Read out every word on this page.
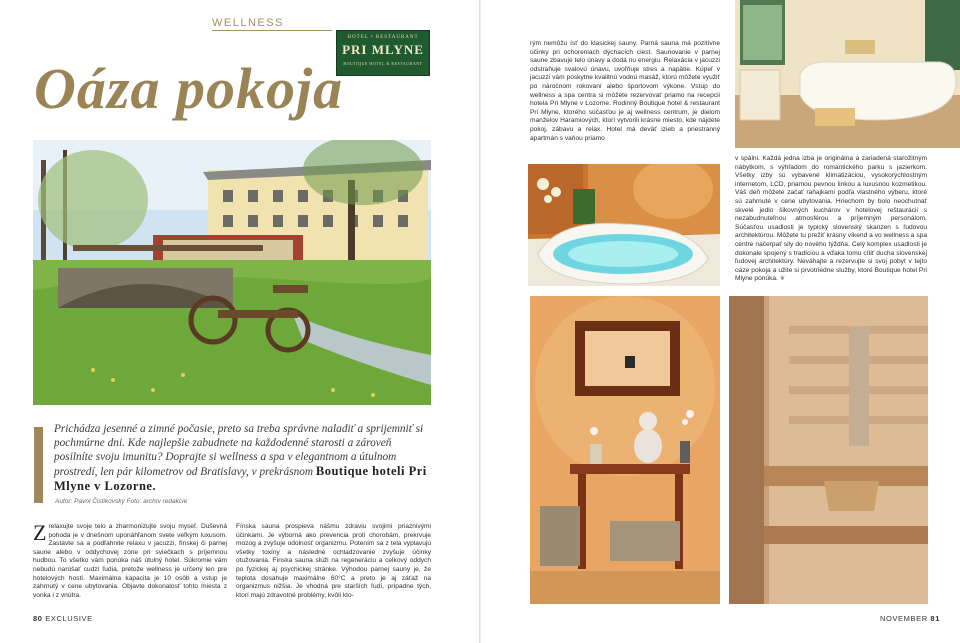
WELLNESS
HOTEL • RESTAURANT
PRI MLYNE
BOUTIQUE HOTEL & RESTAURANT
Oáza pokoja

Prichádza jesenné a zimné počasie, preto sa treba správne naladiť a sprijemniť si pochmúrne dni. Kde najlepšie zabudnete na každodenné starosti a zároveň posilníte svoju imunitu? Doprajte si wellness a spa v elegantnom a útulnom prostredí, len pár kilometrov od Bratislavy, v prekrásnom Boutique hoteli Pri Mlyne v Lozorne.

Autor: Pavol Čistikovský Foto: archív redakcie
Zrelaxujte svoje telo a zharmonizujte svoju myseľ. Duševná pohoda je v dnešnom uponáhľanom svete veľkým luxusom. Zastavte sa a podľahnite relaxu v jacuzzi, fínskej či parnej saune alebo v oddychovej zóne pri sviečkach s príjemnou hudbou. To všetko vám ponúka náš útulný hotel. Súkromie vám nebudú narúšať cudzí ľudia, pretože wellness je určený len pre hotelových hostí. Maximálna kapacita je 10 osôb a vstup je zahrnutý v cene ubytovania. Objavte dokonalosť tohto miesta z vonka i z vnútra.
Fínska sauna prospieva nášmu zdraviu svojimi priaznivými účinkami. Je výborná ako prevencia proti chorobám, prekrvuje mozog a zvyšuje odolnosť organizmu. Potením sa z tela vyplavujú všetky toxíny a následné ochladzovanie zvyšuje účinky otužovania. Fínska sauna slúži na regeneráciu a celkový oddych po fyzickej aj psychickej stránke. Výhodou parnej sauny je, že teplota dosahuje maximálne 60°C a preto je aj záťaž na organizmus nižšia. Je vhodná pre starších ľudí, prípadne tých, ktorí majú zdravotné problémy, kvôli kto-
rým nemôžu ísť do klasickej sauny. Parná sauna má pozitívne účinky pri ochoreniach dýchacích ciest. Saunovanie v parnej saune zbavuje telo únavy a dodá nu energiu. Relaxácia v jacuzzi odstraňuje svalovú únavu, uvoľňuje stres a napätie. Kúpeľ v jacuzzi vám poskytne kvalitnú vodnú masáž, ktorú môžete využiť po náročnom rokovaní alebo športovom výkone. Vstup do wellness a spa centra si môžete rezervovať priamo na recepcii hotela Pri Mlyne v Lozorne. Rodinný Boutique hotel & restaurant Pri Mlyne, ktorého súčasťou je aj wellness centrum, je dielom manželov Haramiových, ktorí vytvorili krásne miesto, kde nájdete pokoj, zábavu a relax. Hotel má deväť izieb a priestranný apartmán s vaňou priamo
v spálni. Každá jedna izba je originálna a zariadená starožitným nábytkom, s výhľadom do romantického parku s jazierkom. Všetky izby sú vybavené klimatizáciou, vysokorýchlostným internetom, LCD, priamou pevnou linkou a luxusnou kozmetikou. Váš deň môžete začať raňajkami podľa vlastného výberu, ktoré sú zahrnuté v cene ubytovania. Hriechom by bolo neochutnať skvelé jedlo šikovných kuchárov v hotelovej reštaurácii s nezabudnuteľnou atmosférou a príjemným personálom. Súčasťou usadlosti je typický slovenský skanzen s ľudovou architektúrou. Môžete tu prežiť krásny víkend a vo wellness a spa centre načerpať sily do nového týždňa. Celý komplex usadlosti je dokonale spojený s tradíciou a vďaka tomu cítiť ducha slovenskej ľudovej architektúry. Neváhajte a rezervujte si svoj pobyt v tejto oáze pokoja a užite si prvotriedne služby, ktoré Boutique hotel Pri Mlyne ponúka. ❦
80 EXCLUSIVE	NOVEMBER 81
